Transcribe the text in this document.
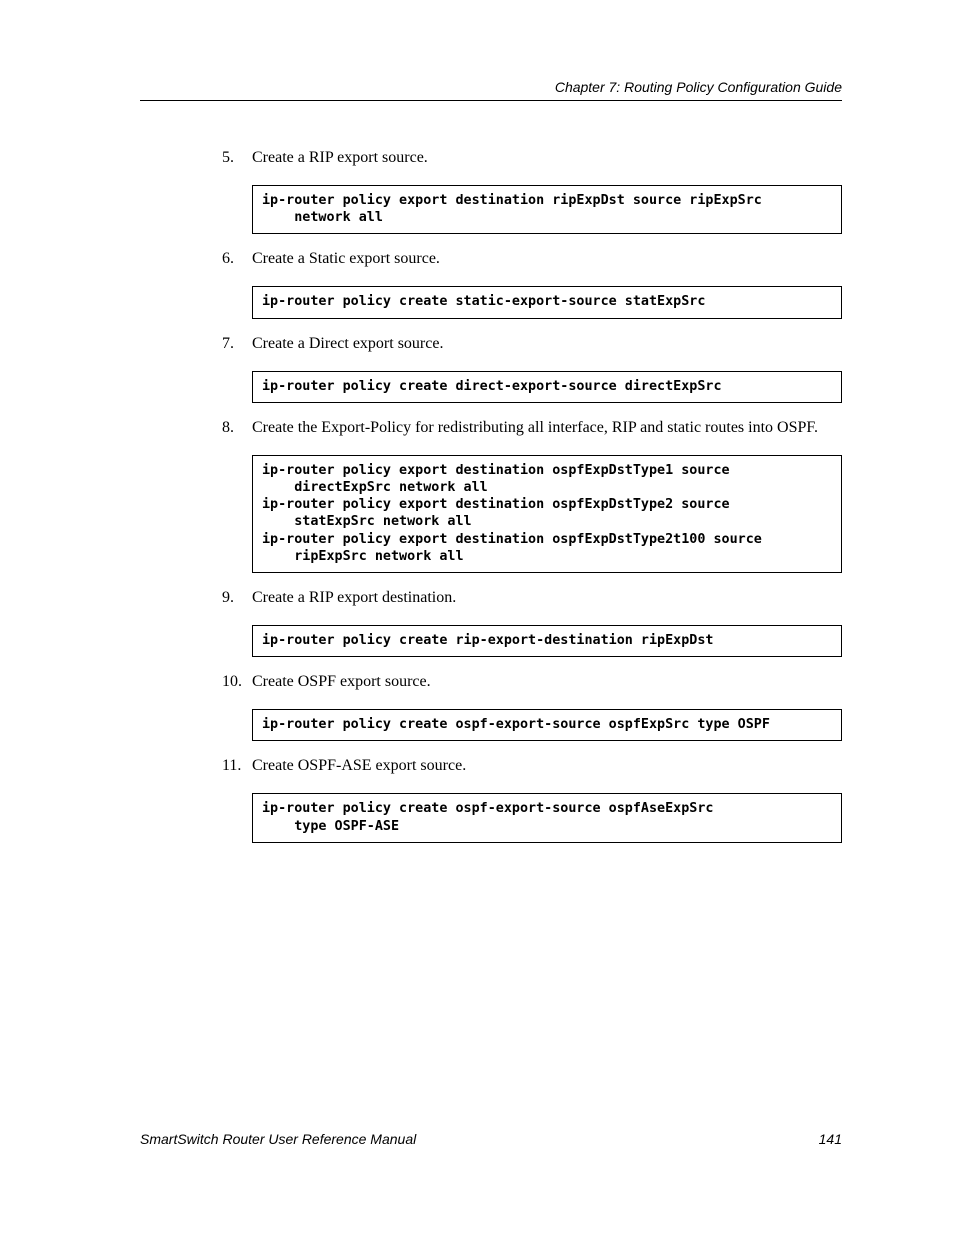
Chapter 7: Routing Policy Configuration Guide
5.	Create a RIP export source.
ip-router policy export destination ripExpDst source ripExpSrc
network all
6.	Create a Static export source.
ip-router policy create static-export-source statExpSrc
7.	Create a Direct export source.
ip-router policy create direct-export-source directExpSrc
8.	Create the Export-Policy for redistributing all interface, RIP and static routes into OSPF.
ip-router policy export destination ospfExpDstType1 source
directExpSrc network all
ip-router policy export destination ospfExpDstType2 source
statExpSrc network all
ip-router policy export destination ospfExpDstType2t100 source
ripExpSrc network all
9.	Create a RIP export destination.
ip-router policy create rip-export-destination ripExpDst
10. Create OSPF export source.
ip-router policy create ospf-export-source ospfExpSrc type OSPF
11. Create OSPF-ASE export source.
ip-router policy create ospf-export-source ospfAseExpSrc
type OSPF-ASE
SmartSwitch Router User Reference Manual	141
